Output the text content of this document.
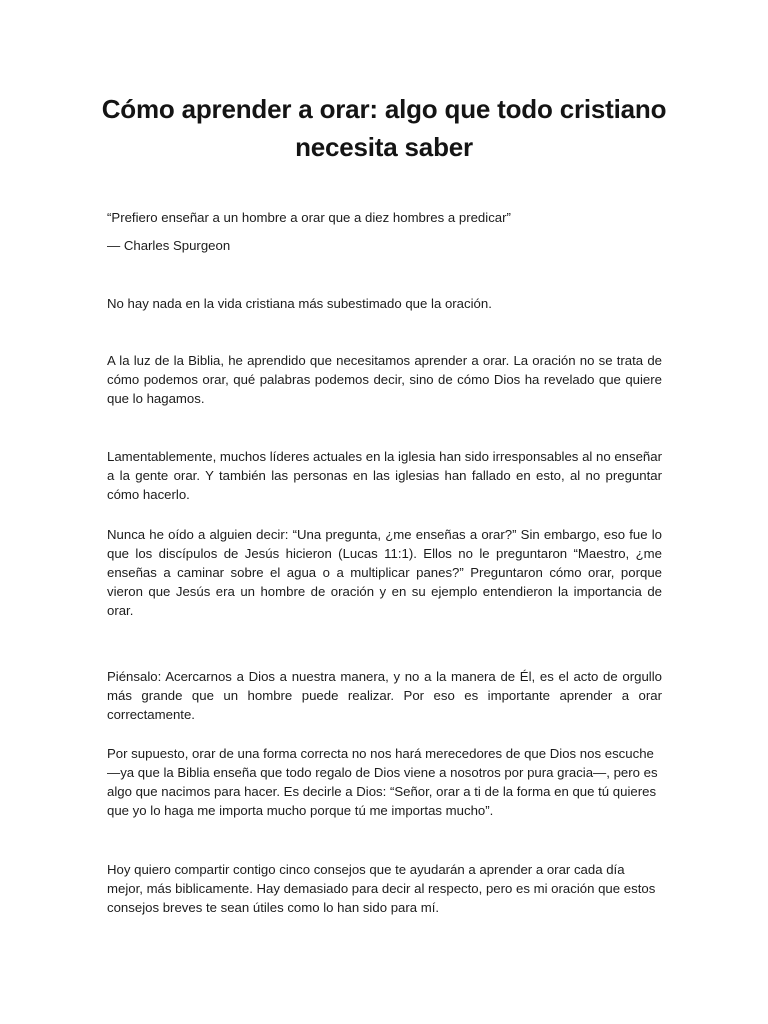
Cómo aprender a orar: algo que todo cristiano necesita saber

“Prefiero enseñar a un hombre a orar que a diez hombres a predicar”

— Charles Spurgeon

No hay nada en la vida cristiana más subestimado que la oración.

A la luz de la Biblia, he aprendido que necesitamos aprender a orar. La oración no se trata de cómo podemos orar, qué palabras podemos decir, sino de cómo Dios ha revelado que quiere que lo hagamos.

Lamentablemente, muchos líderes actuales en la iglesia han sido irresponsables al no enseñar a la gente orar. Y también las personas en las iglesias han fallado en esto, al no preguntar cómo hacerlo.

Nunca he oído a alguien decir: “Una pregunta, ¿me enseñas a orar?” Sin embargo, eso fue lo que los discípulos de Jesús hicieron (Lucas 11:1). Ellos no le preguntaron “Maestro, ¿me enseñas a caminar sobre el agua o a multiplicar panes?” Preguntaron cómo orar, porque vieron que Jesús era un hombre de oración y en su ejemplo entendieron la importancia de orar.

Piénsalo: Acercarnos a Dios a nuestra manera, y no a la manera de Él, es el acto de orgullo más grande que un hombre puede realizar. Por eso es importante aprender a orar correctamente.

Por supuesto, orar de una forma correcta no nos hará merecedores de que Dios nos escuche —ya que la Biblia enseña que todo regalo de Dios viene a nosotros por pura gracia—, pero es algo que nacimos para hacer. Es decirle a Dios: “Señor, orar a ti de la forma en que tú quieres que yo lo haga me importa mucho porque tú me importas mucho”.

Hoy quiero compartir contigo cinco consejos que te ayudarán a aprender a orar cada día mejor, más biblicamente. Hay demasiado para decir al respecto, pero es mi oración que estos consejos breves te sean útiles como lo han sido para mí.
